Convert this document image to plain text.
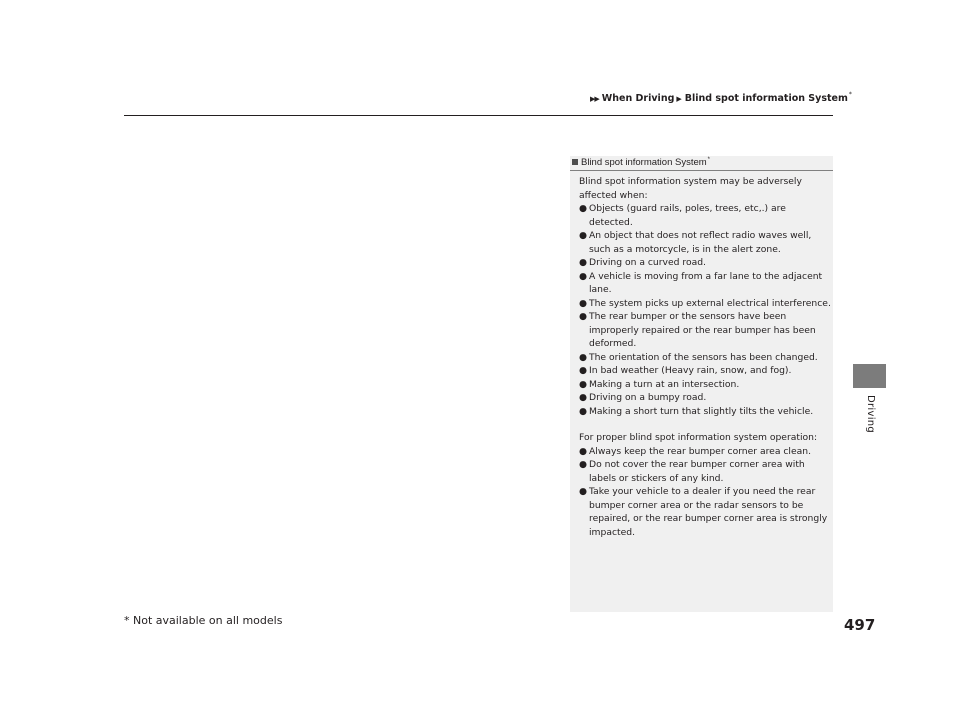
▶▶ When Driving ▶ Blind spot information System *
Driving
Blind spot information System*

Blind spot information system may be adversely affected when:

● Objects (guard rails, poles, trees, etc,.) are detected.
● An object that does not reflect radio waves well, such as a motorcycle, is in the alert zone.
● Driving on a curved road.
● A vehicle is moving from a far lane to the adjacent lane.
● The system picks up external electrical interference.
● The rear bumper or the sensors have been improperly repaired or the rear bumper has been deformed.
● The orientation of the sensors has been changed.
● In bad weather (Heavy rain, snow, and fog).
● Making a turn at an intersection.
● Driving on a bumpy road.
● Making a short turn that slightly tilts the vehicle.

For proper blind spot information system operation:

● Always keep the rear bumper corner area clean.
● Do not cover the rear bumper corner area with labels or stickers of any kind.
● Take your vehicle to a dealer if you need the rear bumper corner area or the radar sensors to be repaired, or the rear bumper corner area is strongly impacted.
* Not available on all models	497
